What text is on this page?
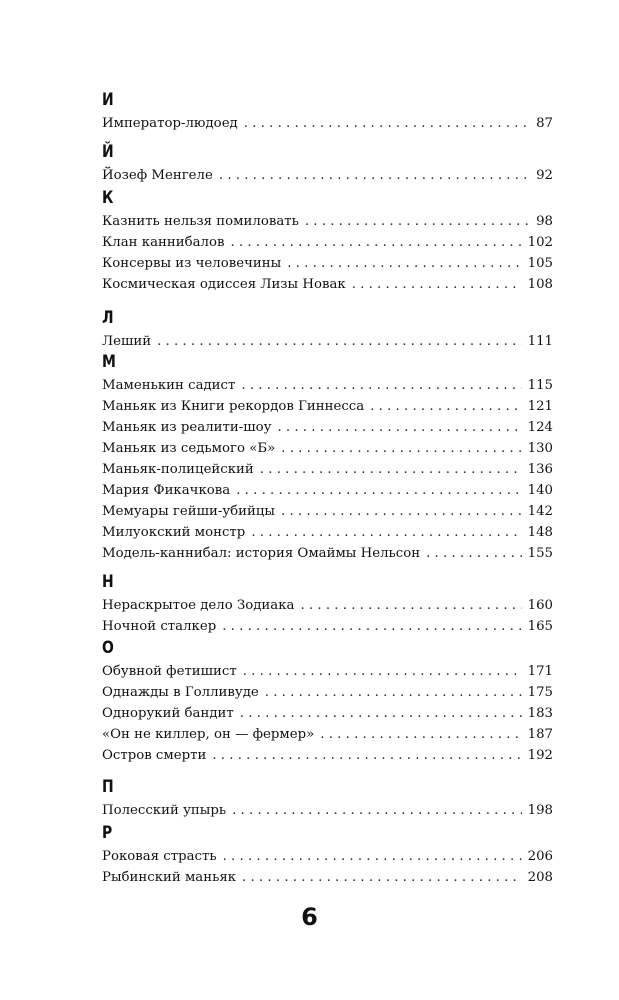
И
Император-людоед . . .	87
Й
Йозеф Менгеле . . .	92
К
Казнить нельзя помиловать . . .	98
Клан каннибалов . . .	102
Консервы из человечины . . .	105
Космическая одиссея Лизы Новак . . .	108
Л
Леший . . .	111
М
Маменькин садист . . .	115
Маньяк из Книги рекордов Гиннесса . . .	121
Маньяк из реалити-шоу . . .	124
Маньяк из седьмого «Б» . . .	130
Маньяк-полицейский . . .	136
Мария Фикачкова . . .	140
Мемуары гейши-убийцы . . .	142
Милуокский монстр . . .	148
Модель-каннибал: история Омаймы Нельсон . . .	155
Н
Нераскрытое дело Зодиака . . .	160
Ночной сталкер . . .	165
О
Обувной фетишист . . .	171
Однажды в Голливуде . . .	175
Однорукий бандит . . .	183
«Он не киллер, он — фермер» . . .	187
Остров смерти . . .	192
П
Полесский упырь . . .	198
Р
Роковая страсть . . .	206
Рыбинский маньяк . . .	208
6
